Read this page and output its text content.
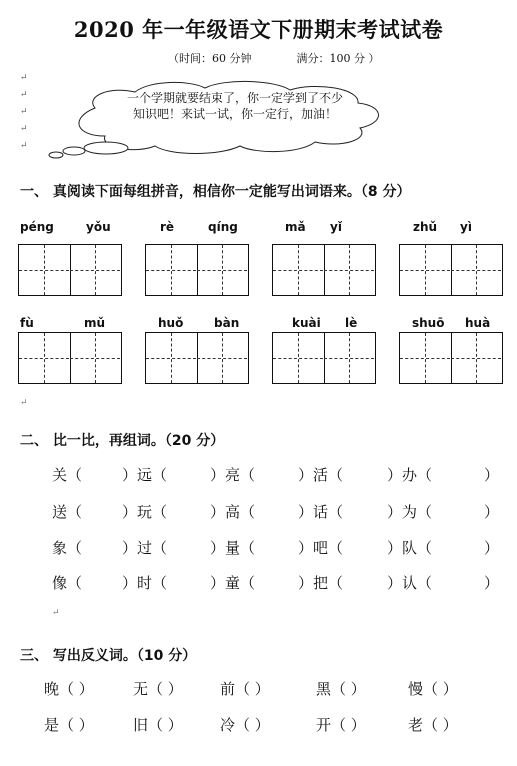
2020 年一年级语文下册期末考试试卷
（时间：60 分钟	满分：100 分 ）
↵
↵
↵
↵
↵
一个学期就要结束了，你一定学到了不少
知识吧！来试一试，你一定行，加油！
一、 真阅读下面每组拼音，相信你一定能写出词语来。（8 分）
péng	yǒu	rè	qíng	mǎ yǐ	zhǔ yì
fù	mǔ	huǒ	bàn	kuài lè	shuō huà
↵
二、 比一比，再组词。（20 分）
关（	）远（	）亮（	）活（	）办（	）
送（	）玩（	）高（	）话（	）为（	）
象（	）过（	）量（	）吧（	）队（	）
像（	）时（	）童（	）把（	）认（	）
↵
三、 写出反义词。（10 分）
晚（ ）	无（ ） 前（ ）	黑（ ）	慢（ ）
是（ ）	旧（ ） 冷（ ）	开（ ）	老（ ）
